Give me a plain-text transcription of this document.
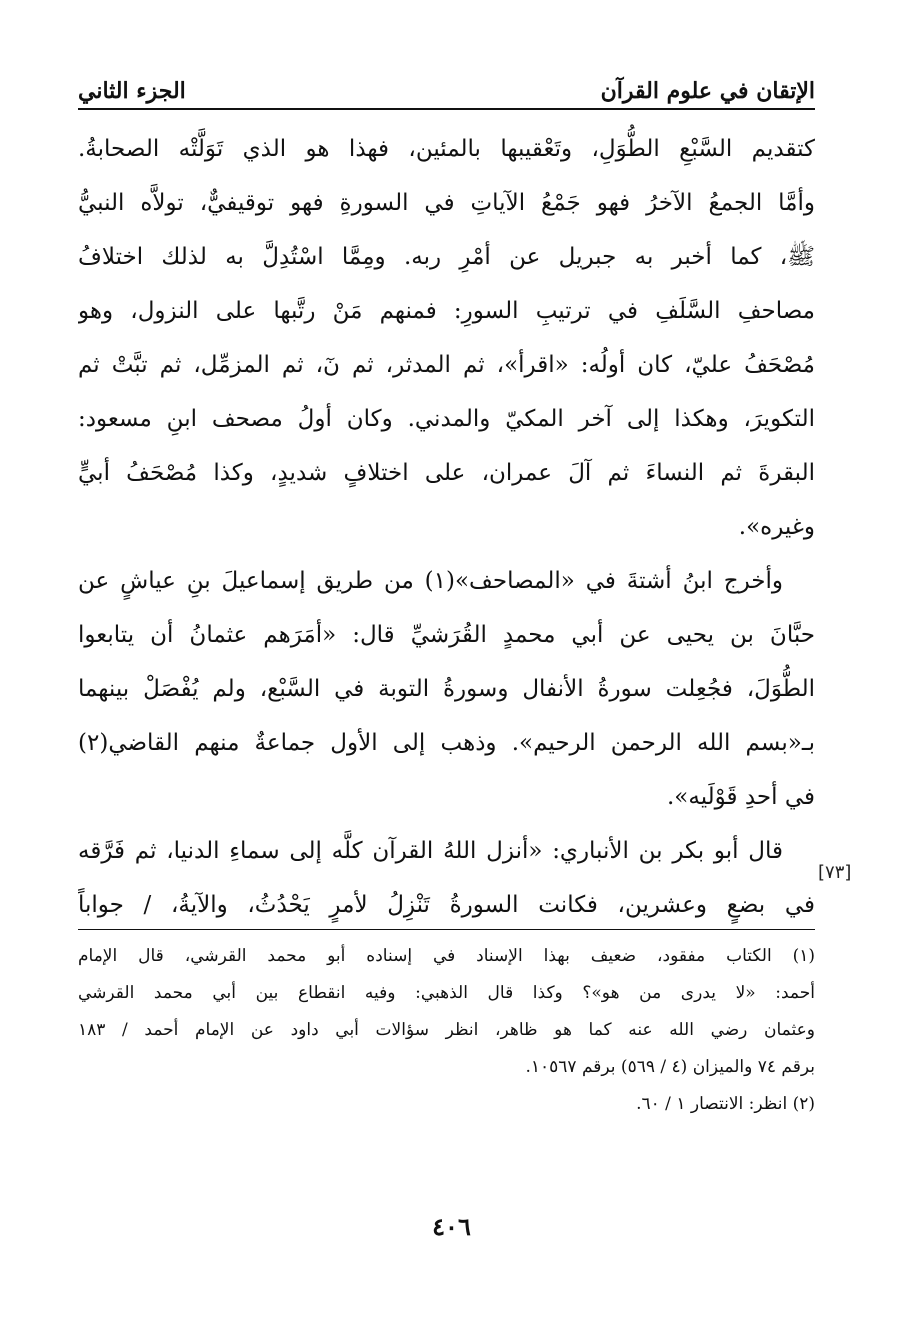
الإتقان في علوم القرآن
الجزء الثاني
كتقديم السَّبْعِ الطُّوَلِ، وتَعْقيبها بالمئين، فهذا هو الذي تَوَلَّتْه الصحابةُ.
وأمَّا الجمعُ الآخرُ فهو جَمْعُ الآياتِ في السورةِ فهو توقيفيٌّ، تولاَّه النبيُّ
ﷺ، كما أخبر به جبريل عن أمْرِ ربه. ومِمَّا اسْتُدِلَّ به لذلك اختلافُ
مصاحفِ السَّلَفِ في ترتيبِ السورِ: فمنهم مَنْ رتَّبها على النزول، وهو
مُصْحَفُ عليّ، كان أولُه: «اقرأ»، ثم المدثر، ثم نٓ، ثم المزمِّل، ثم تبَّتْ ثم
التكويرَ، وهكذا إلى آخر المكيّ والمدني. وكان أولُ مصحف ابنِ مسعود:
البقرةَ ثم النساءَ ثم آلَ عمران، على اختلافٍ شديدٍ، وكذا مُصْحَفُ أبيٍّ
وغيره».
وأخرج ابنُ أشتةَ في «المصاحف»(١) من طريق إسماعيلَ بنِ عياشٍ عن
حبَّانَ بن يحيى عن أبي محمدٍ القُرَشيِّ قال: «أمَرَهم عثمانُ أن يتابعوا
الطُّوَلَ، فجُعِلت سورةُ الأنفال وسورةُ التوبة في السَّبْع، ولم يُفْصَلْ بينهما
بـ«بسم الله الرحمن الرحيم». وذهب إلى الأول جماعةٌ منهم القاضي(٢)
في أحدِ قَوْلَيه».
قال أبو بكر بن الأنباري: «أنزل اللهُ القرآن كلَّه إلى سماءِ الدنيا، ثم فَرَّقه
في بضعٍ وعشرين، فكانت السورةُ تَنْزِلُ لأمرٍ يَحْدُثُ، والآيةُ، / جواباً
[٧٣]
(١) الكتاب مفقود، ضعيف بهذا الإسناد في إسناده أبو محمد القرشي، قال الإمام
أحمد: «لا يدرى من هو»؟ وكذا قال الذهبي: وفيه انقطاع بين أبي محمد القرشي
وعثمان رضي الله عنه كما هو ظاهر، انظر سؤالات أبي داود عن الإمام أحمد / ١٨٣
برقم ٧٤ والميزان (٤ / ٥٦٩) برقم ١٠٥٦٧.
(٢) انظر: الانتصار ١ / ٦٠.
٤٠٦
